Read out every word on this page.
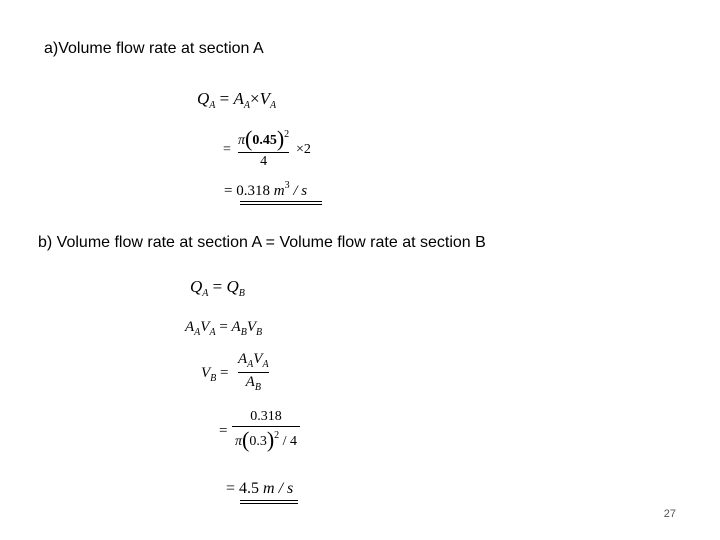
a)Volume flow rate at section A
$Q_A = A_A\times V_A$
=
$\pi(0.45)^2$
4
×2
= 0.318 $m^3$ / s
b) Volume flow rate at section A = Volume flow rate at section B
$Q_A = Q_B$
$A_AV_A = A_BV_B$
$V_B$ =
$A_AV_A$
$A_B$
=
0.318
$\pi(0.3)^2 / 4$
= 4.5 m / s
27
